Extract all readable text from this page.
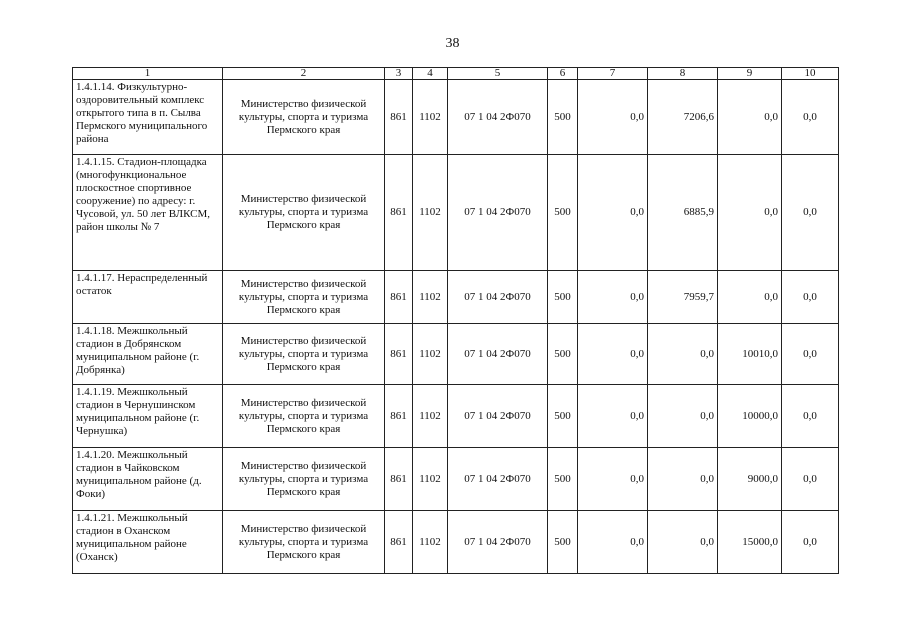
38
1	2	3	4	5	6	7	8	9	10
1.4.1.14. Физкультурно-оздоровительный комплекс открытого типа в п. Сылва Пермского муниципального района	Министерство физической культуры, спорта и туризма Пермского края	861	1102	07 1 04 2Ф070	500	0,0	7206,6	0,0	0,0
1.4.1.15. Стадион-площадка (многофункциональное плоскостное спортивное сооружение) по адресу: г. Чусовой, ул. 50 лет ВЛКСМ, район школы № 7	Министерство физической культуры, спорта и туризма Пермского края	861	1102	07 1 04 2Ф070	500	0,0	6885,9	0,0	0,0
1.4.1.17. Нераспределенный остаток	Министерство физической культуры, спорта и туризма Пермского края	861	1102	07 1 04 2Ф070	500	0,0	7959,7	0,0	0,0
1.4.1.18. Межшкольный стадион в Добрянском муниципальном районе (г. Добрянка)	Министерство физической культуры, спорта и туризма Пермского края	861	1102	07 1 04 2Ф070	500	0,0	0,0	10010,0	0,0
1.4.1.19. Межшкольный стадион в Чернушинском муниципальном районе (г. Чернушка)	Министерство физической культуры, спорта и туризма Пермского края	861	1102	07 1 04 2Ф070	500	0,0	0,0	10000,0	0,0
1.4.1.20. Межшкольный стадион в Чайковском муниципальном районе (д. Фоки)	Министерство физической культуры, спорта и туризма Пермского края	861	1102	07 1 04 2Ф070	500	0,0	0,0	9000,0	0,0
1.4.1.21. Межшкольный стадион в Оханском муниципальном районе (Оханск)	Министерство физической культуры, спорта и туризма Пермского края	861	1102	07 1 04 2Ф070	500	0,0	0,0	15000,0	0,0
